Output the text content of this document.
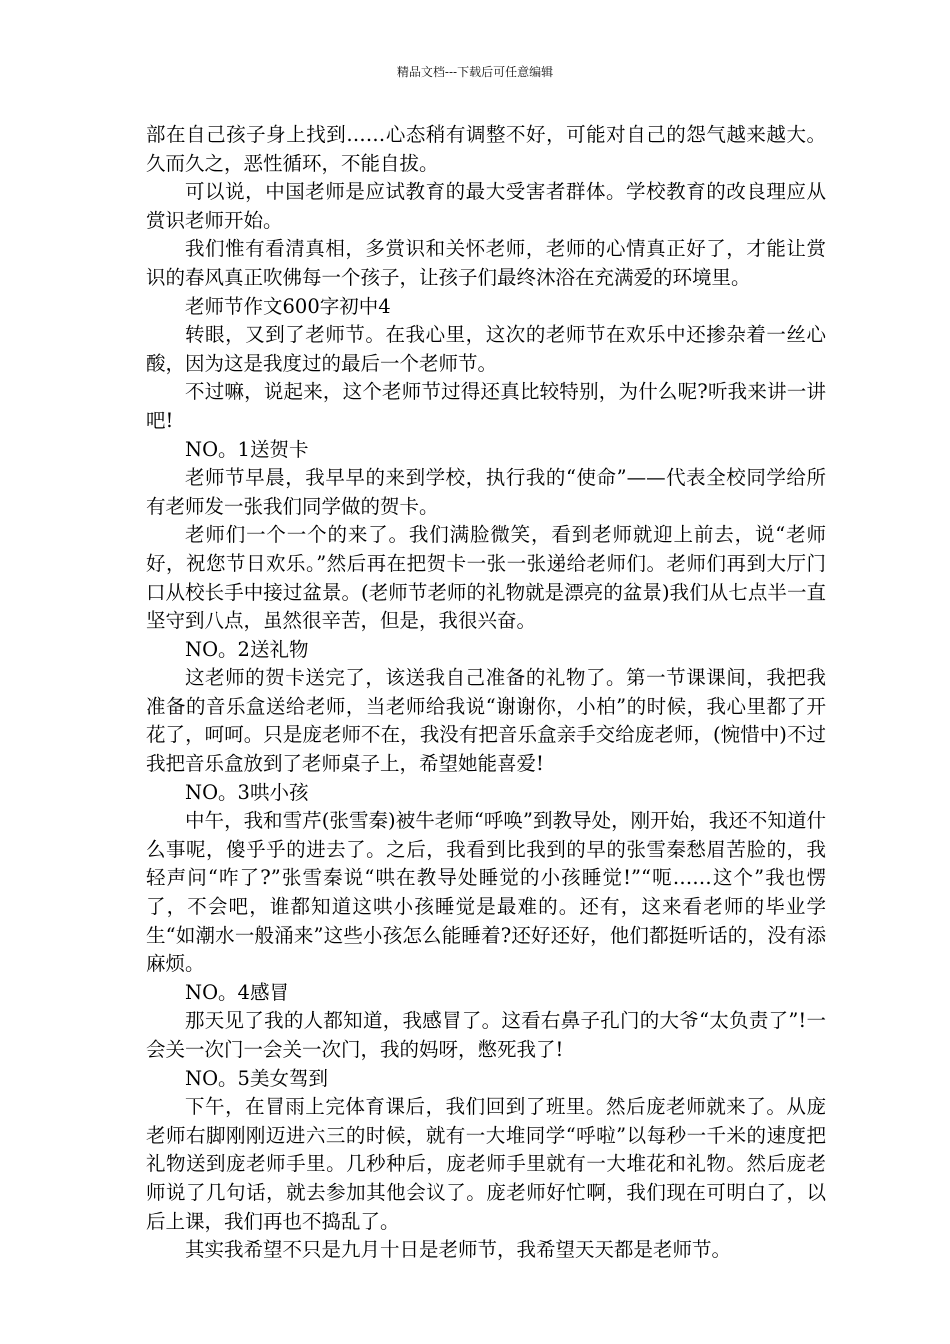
精品文档---下载后可任意编辑

部在自己孩子身上找到……心态稍有调整不好，可能对自己的怨气越来越大。久而久之，恶性循环，不能自拔。

可以说，中国老师是应试教育的最大受害者群体。学校教育的改良理应从赏识老师开始。

我们惟有看清真相，多赏识和关怀老师，老师的心情真正好了，才能让赏识的春风真正吹佛每一个孩子，让孩子们最终沐浴在充满爱的环境里。

老师节作文600字初中4

转眼，又到了老师节。在我心里，这次的老师节在欢乐中还掺杂着一丝心酸，因为这是我度过的最后一个老师节。

不过嘛，说起来，这个老师节过得还真比较特别，为什么呢?听我来讲一讲吧!

NO。1送贺卡

老师节早晨，我早早的来到学校，执行我的“使命”——代表全校同学给所有老师发一张我们同学做的贺卡。

老师们一个一个的来了。我们满脸微笑，看到老师就迎上前去，说“老师好，祝您节日欢乐。”然后再在把贺卡一张一张递给老师们。老师们再到大厅门口从校长手中接过盆景。(老师节老师的礼物就是漂亮的盆景)我们从七点半一直坚守到八点，虽然很辛苦，但是，我很兴奋。

NO。2送礼物

这老师的贺卡送完了，该送我自己准备的礼物了。第一节课课间，我把我准备的音乐盒送给老师，当老师给我说“谢谢你，小柏”的时候，我心里都了开花了，呵呵。只是庞老师不在，我没有把音乐盒亲手交给庞老师，(惋惜中)不过我把音乐盒放到了老师桌子上，希望她能喜爱!

NO。3哄小孩

中午，我和雪芹(张雪秦)被牛老师“呼唤”到教导处，刚开始，我还不知道什么事呢，傻乎乎的进去了。之后，我看到比我到的早的张雪秦愁眉苦脸的，我轻声问“咋了?”张雪秦说“哄在教导处睡觉的小孩睡觉!”“呃……这个”我也愣了，不会吧，谁都知道这哄小孩睡觉是最难的。还有，这来看老师的毕业学生“如潮水一般涌来”这些小孩怎么能睡着?还好还好，他们都挺听话的，没有添麻烦。

NO。4感冒

那天见了我的人都知道，我感冒了。这看右鼻子孔门的大爷“太负责了”!一会关一次门一会关一次门，我的妈呀，憋死我了!

NO。5美女驾到

下午，在冒雨上完体育课后，我们回到了班里。然后庞老师就来了。从庞老师右脚刚刚迈进六三的时候，就有一大堆同学“呼啦”以每秒一千米的速度把礼物送到庞老师手里。几秒种后，庞老师手里就有一大堆花和礼物。然后庞老师说了几句话，就去参加其他会议了。庞老师好忙啊，我们现在可明白了，以后上课，我们再也不捣乱了。

其实我希望不只是九月十日是老师节，我希望天天都是老师节。
